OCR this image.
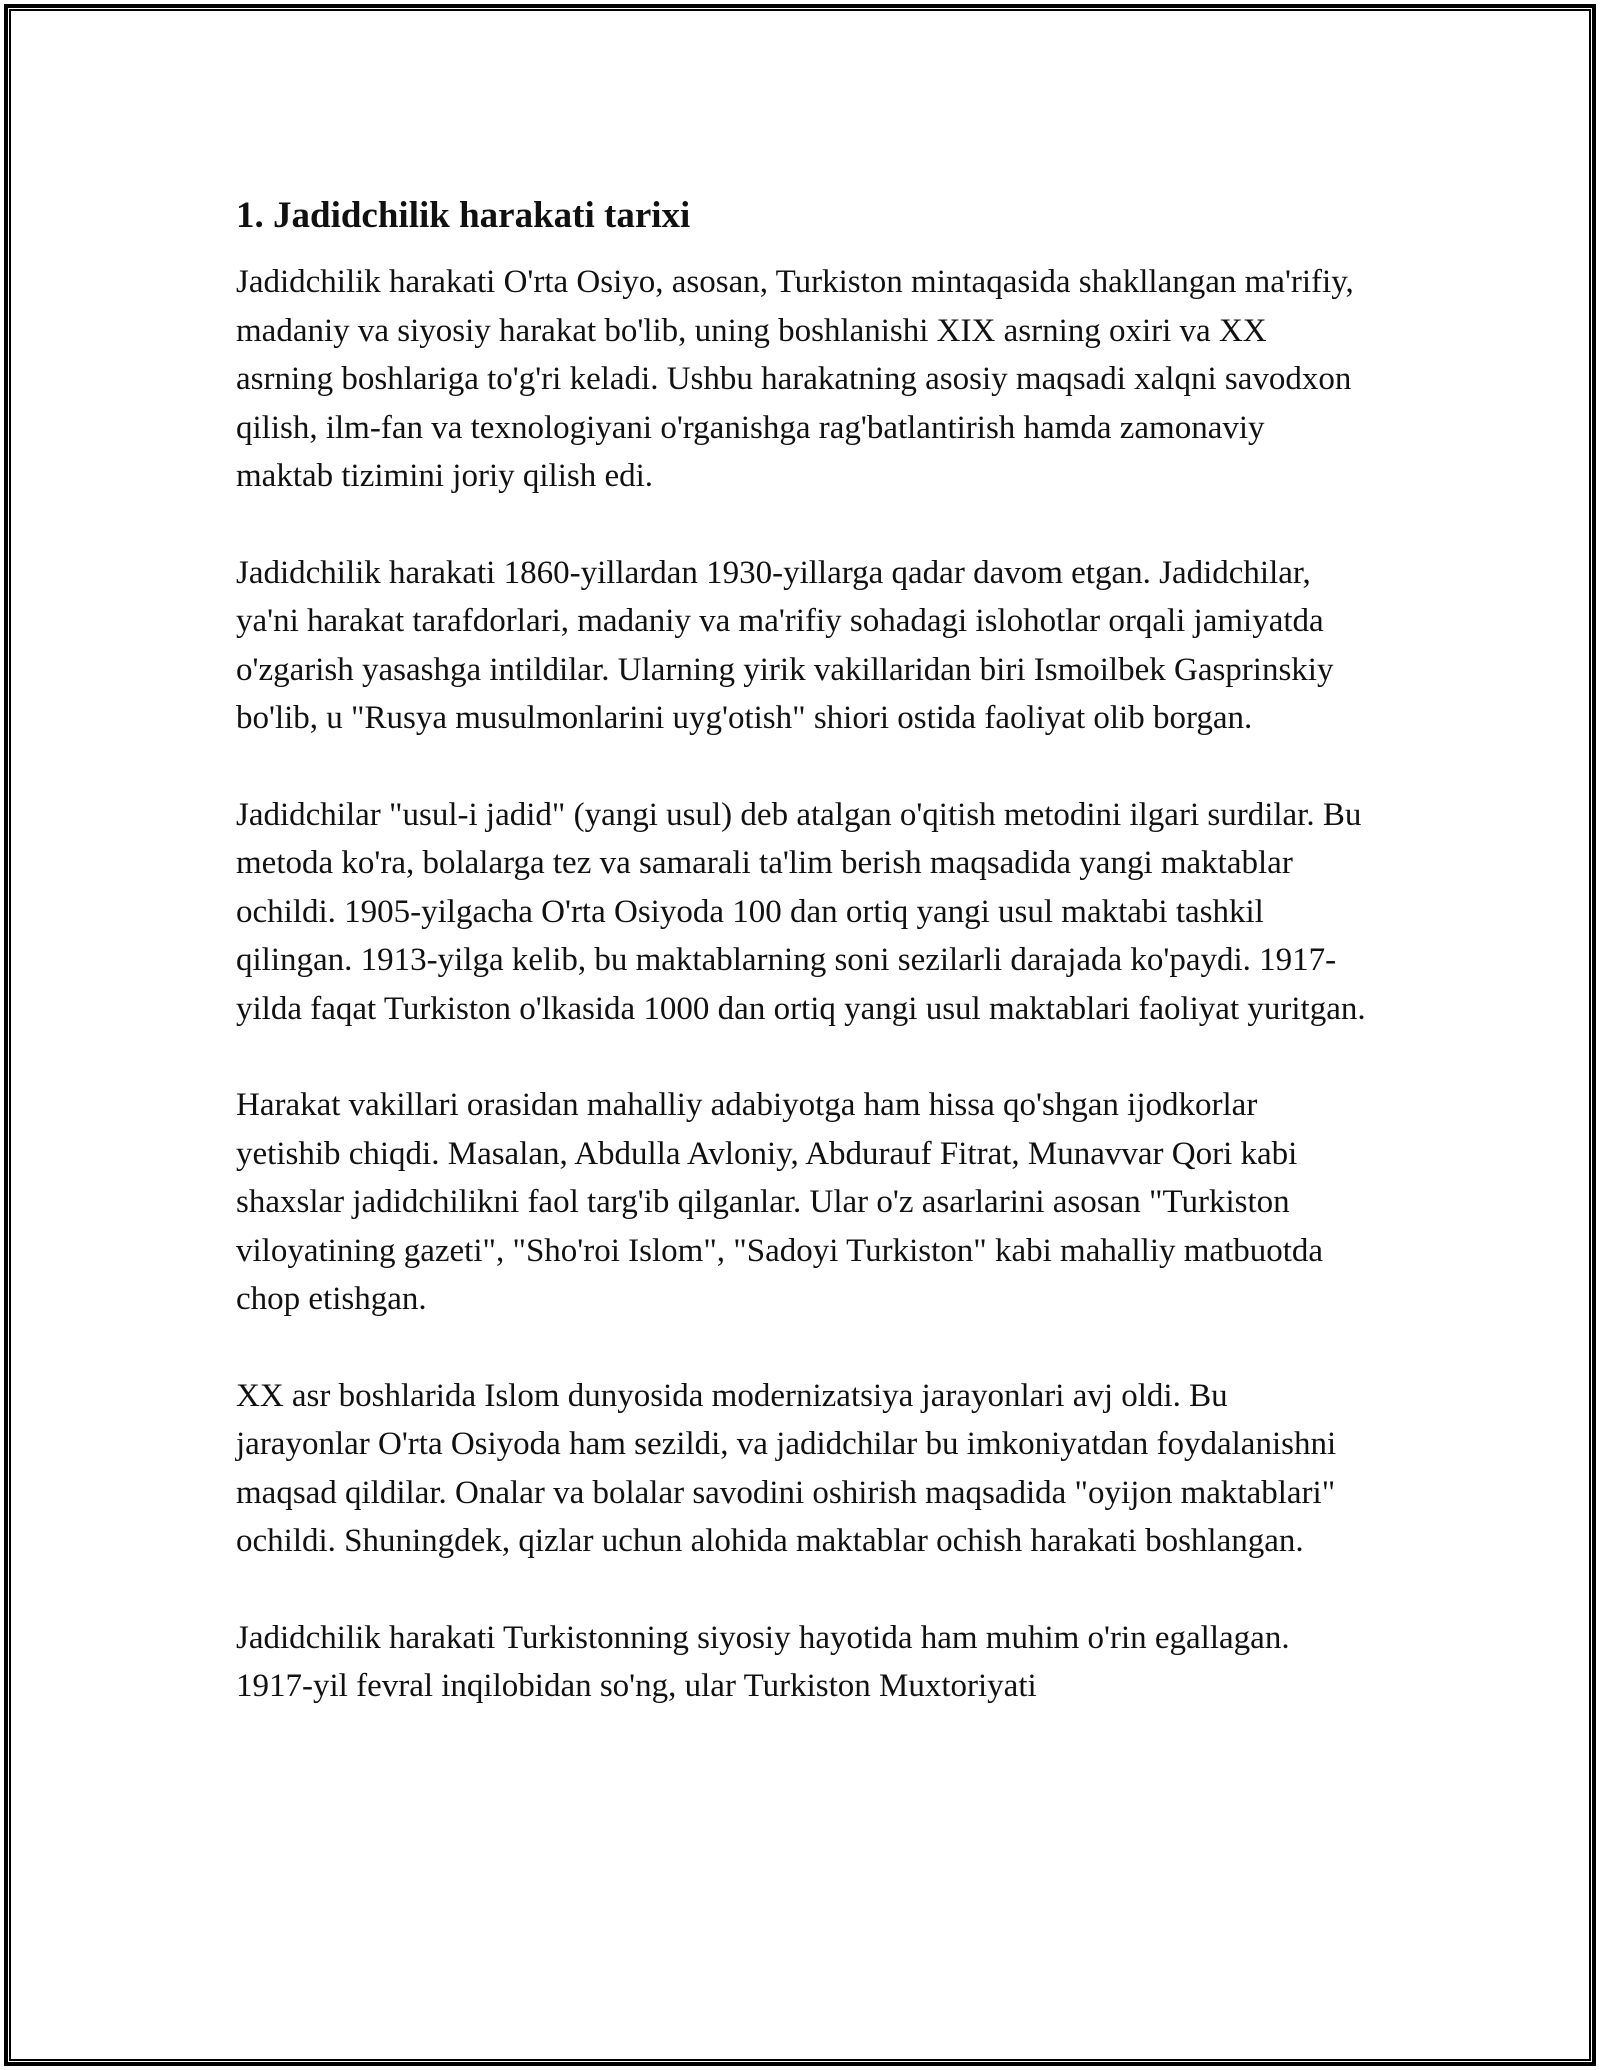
1. Jadidchilik harakati tarixi

Jadidchilik harakati O'rta Osiyo, asosan, Turkiston mintaqasida shakllangan ma'rifiy, madaniy va siyosiy harakat bo'lib, uning boshlanishi XIX asrning oxiri va XX asrning boshlariga to'g'ri keladi. Ushbu harakatning asosiy maqsadi xalqni savodxon qilish, ilm-fan va texnologiyani o'rganishga rag'batlantirish hamda zamonaviy maktab tizimini joriy qilish edi.

Jadidchilik harakati 1860-yillardan 1930-yillarga qadar davom etgan. Jadidchilar, ya'ni harakat tarafdorlari, madaniy va ma'rifiy sohadagi islohotlar orqali jamiyatda o'zgarish yasashga intildilar. Ularning yirik vakillaridan biri Ismoilbek Gasprinskiy bo'lib, u "Rusya musulmonlarini uyg'otish" shiori ostida faoliyat olib borgan.

Jadidchilar "usul-i jadid" (yangi usul) deb atalgan o'qitish metodini ilgari surdilar. Bu metoda ko'ra, bolalarga tez va samarali ta'lim berish maqsadida yangi maktablar ochildi. 1905-yilgacha O'rta Osiyoda 100 dan ortiq yangi usul maktabi tashkil qilingan. 1913-yilga kelib, bu maktablarning soni sezilarli darajada ko'paydi. 1917-yilda faqat Turkiston o'lkasida 1000 dan ortiq yangi usul maktablari faoliyat yuritgan.

Harakat vakillari orasidan mahalliy adabiyotga ham hissa qo'shgan ijodkorlar yetishib chiqdi. Masalan, Abdulla Avloniy, Abdurauf Fitrat, Munavvar Qori kabi shaxslar jadidchilikni faol targ'ib qilganlar. Ular o'z asarlarini asosan "Turkiston viloyatining gazeti", "Sho'roi Islom", "Sadoyi Turkiston" kabi mahalliy matbuotda chop etishgan.

XX asr boshlarida Islom dunyosida modernizatsiya jarayonlari avj oldi. Bu jarayonlar O'rta Osiyoda ham sezildi, va jadidchilar bu imkoniyatdan foydalanishni maqsad qildilar. Onalar va bolalar savodini oshirish maqsadida "oyijon maktablari" ochildi. Shuningdek, qizlar uchun alohida maktablar ochish harakati boshlangan.

Jadidchilik harakati Turkistonning siyosiy hayotida ham muhim o'rin egallagan. 1917-yil fevral inqilobidan so'ng, ular Turkiston Muxtoriyati
